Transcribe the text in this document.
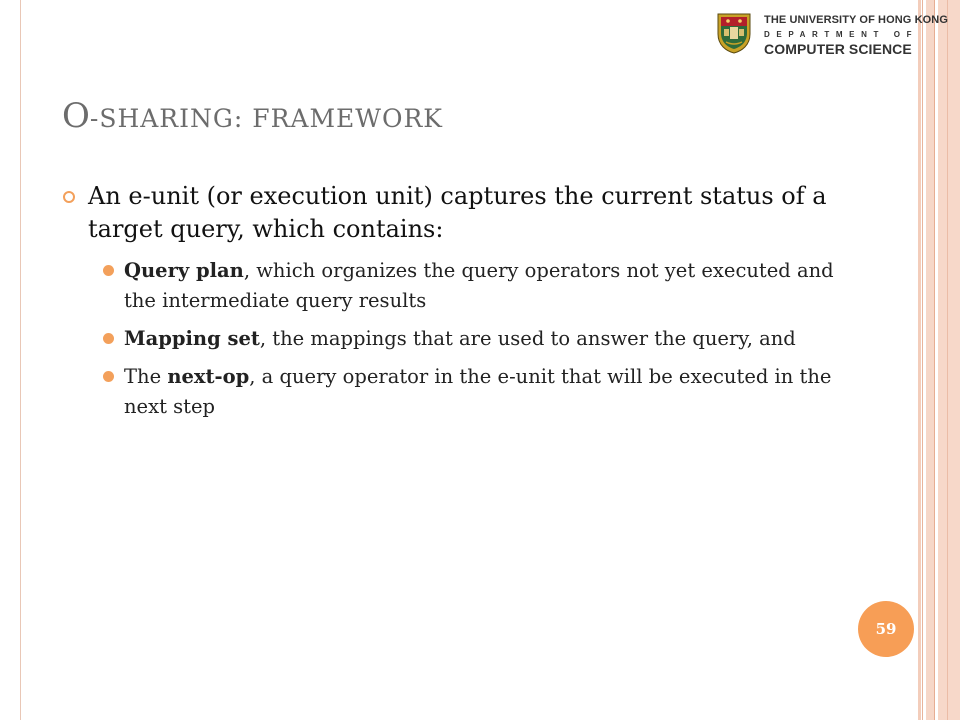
THE UNIVERSITY OF HONG KONG
DEPARTMENT OF
COMPUTER SCIENCE
O-SHARING: FRAMEWORK
An e-unit (or execution unit) captures the current status of a target query, which contains:
Query plan, which organizes the query operators not yet executed and the intermediate query results
Mapping set, the mappings that are used to answer the query, and
The next-op, a query operator in the e-unit that will be executed in the next step
59
